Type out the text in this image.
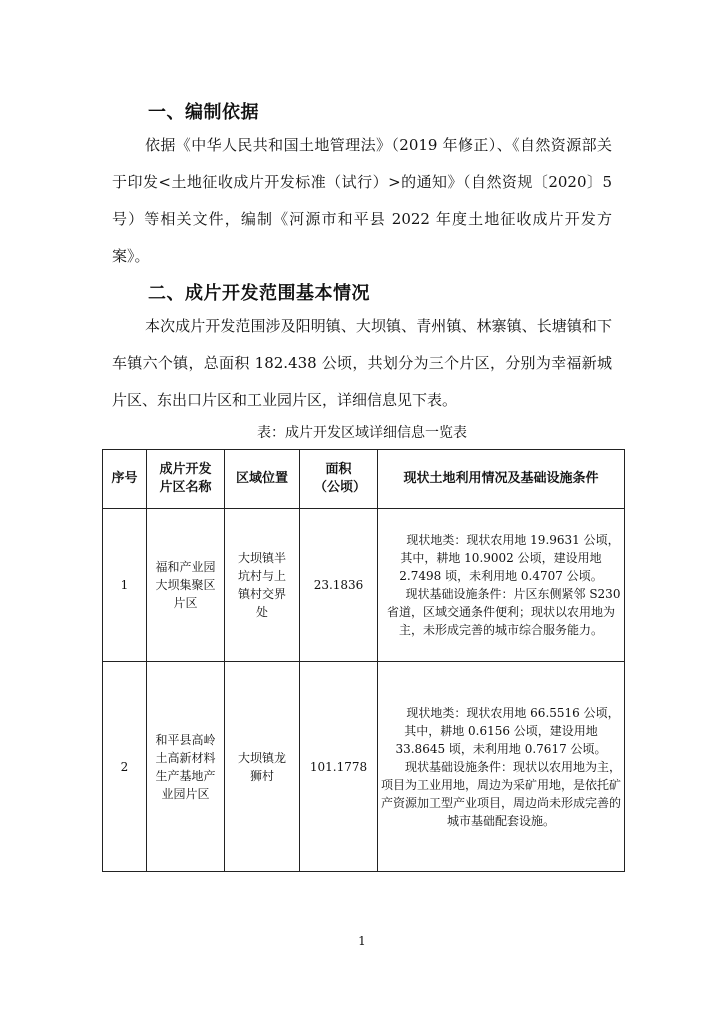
一、编制依据
依据《中华人民共和国土地管理法》（2019 年修正）、《自然资源部关于印发<土地征收成片开发标准（试行）>的通知》（自然资规〔2020〕5 号）等相关文件，编制《河源市和平县 2022 年度土地征收成片开发方案》。
二、成片开发范围基本情况
本次成片开发范围涉及阳明镇、大坝镇、青州镇、林寨镇、长塘镇和下车镇六个镇，总面积 182.438 公顷，共划分为三个片区，分别为幸福新城片区、东出口片区和工业园片区，详细信息见下表。
表：成片开发区域详细信息一览表
序号	成片开发片区名称	区域位置	面积（公顷）	现状土地利用情况及基础设施条件
1	福和产业园大坝集聚区片区	大坝镇半坑村与上镇村交界处	23.1836	现状地类：现状农用地 19.9631 公顷，其中，耕地 10.9002 公顷，建设用地 2.7498 顷，未利用地 0.4707 公顷。

现状基础设施条件：片区东侧紧邻 S230 省道，区域交通条件便利；现状以农用地为主，未形成完善的城市综合服务能力。

2	和平县高岭土高新材料生产基地产业园片区	大坝镇龙狮村	101.1778	现状地类：现状农用地 66.5516 公顷，其中，耕地 0.6156 公顷，建设用地 33.8645 顷，未利用地 0.7617 公顷。

现状基础设施条件：现状以农用地为主，项目为工业用地，周边为采矿用地，是依托矿产资源加工型产业项目，周边尚未形成完善的城市基础配套设施。

1
